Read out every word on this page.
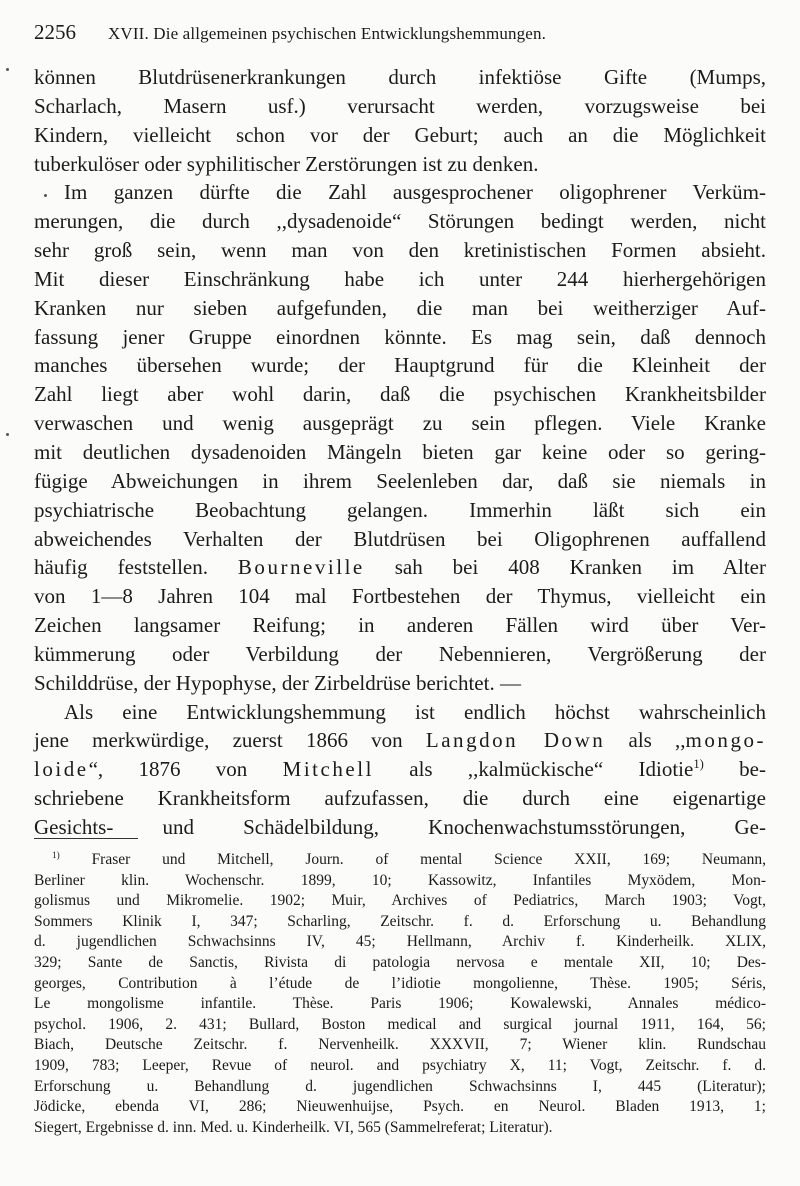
2256 XVII. Die allgemeinen psychischen Entwicklungshemmungen.

können Blutdrüsenerkrankungen durch infektiöse Gifte (Mumps,

Scharlach, Masern usf.) verursacht werden, vorzugsweise bei

Kindern, vielleicht schon vor der Geburt; auch an die Möglichkeit

tuberkulöser oder syphilitischer Zerstörungen ist zu denken.

Im ganzen dürfte die Zahl ausgesprochener oligophrener Verküm-

merungen, die durch ,,dysadenoide“ Störungen bedingt werden, nicht

sehr groß sein, wenn man von den kretinistischen Formen absieht.

Mit dieser Einschränkung habe ich unter 244 hierhergehörigen

Kranken nur sieben aufgefunden, die man bei weitherziger Auf-

fassung jener Gruppe einordnen könnte. Es mag sein, daß dennoch

manches übersehen wurde; der Hauptgrund für die Kleinheit der

Zahl liegt aber wohl darin, daß die psychischen Krankheitsbilder

verwaschen und wenig ausgeprägt zu sein pflegen. Viele Kranke

mit deutlichen dysadenoiden Mängeln bieten gar keine oder so gering-

fügige Abweichungen in ihrem Seelenleben dar, daß sie niemals in

psychiatrische Beobachtung gelangen. Immerhin läßt sich ein

abweichendes Verhalten der Blutdrüsen bei Oligophrenen auffallend

häufig feststellen. Bourneville sah bei 408 Kranken im Alter

von 1—8 Jahren 104 mal Fortbestehen der Thymus, vielleicht ein

Zeichen langsamer Reifung; in anderen Fällen wird über Ver-

kümmerung oder Verbildung der Nebennieren, Vergrößerung der

Schilddrüse, der Hypophyse, der Zirbeldrüse berichtet. —

Als eine Entwicklungshemmung ist endlich höchst wahrscheinlich

jene merkwürdige, zuerst 1866 von Langdon Down als ,,mongo-

loide“, 1876 von Mitchell als ,,kalmückische“ Idiotie$^{1)}$ be-

schriebene Krankheitsform aufzufassen, die durch eine eigenartige

Gesichts- und Schädelbildung, Knochenwachstumsstörungen, Ge-

$^{1)}$ Fraser und Mitchell, Journ. of mental Science XXII, 169; Neumann,

Berliner klin. Wochenschr. 1899, 10; Kassowitz, Infantiles Myxödem, Mon-

golismus und Mikromelie. 1902; Muir, Archives of Pediatrics, March 1903; Vogt,

Sommers Klinik I, 347; Scharling, Zeitschr. f. d. Erforschung u. Behandlung

d. jugendlichen Schwachsinns IV, 45; Hellmann, Archiv f. Kinderheilk. XLIX,

329; Sante de Sanctis, Rivista di patologia nervosa e mentale XII, 10; Des-

georges, Contribution à l’étude de l’idiotie mongolienne, Thèse. 1905; Séris,

Le mongolisme infantile. Thèse. Paris 1906; Kowalewski, Annales médico-

psychol. 1906, 2. 431; Bullard, Boston medical and surgical journal 1911, 164, 56;

Biach, Deutsche Zeitschr. f. Nervenheilk. XXXVII, 7; Wiener klin. Rundschau

1909, 783; Leeper, Revue of neurol. and psychiatry X, 11; Vogt, Zeitschr. f. d.

Erforschung u. Behandlung d. jugendlichen Schwachsinns I, 445 (Literatur);

Jödicke, ebenda VI, 286; Nieuwenhuijse, Psych. en Neurol. Bladen 1913, 1;

Siegert, Ergebnisse d. inn. Med. u. Kinderheilk. VI, 565 (Sammelreferat; Literatur).
